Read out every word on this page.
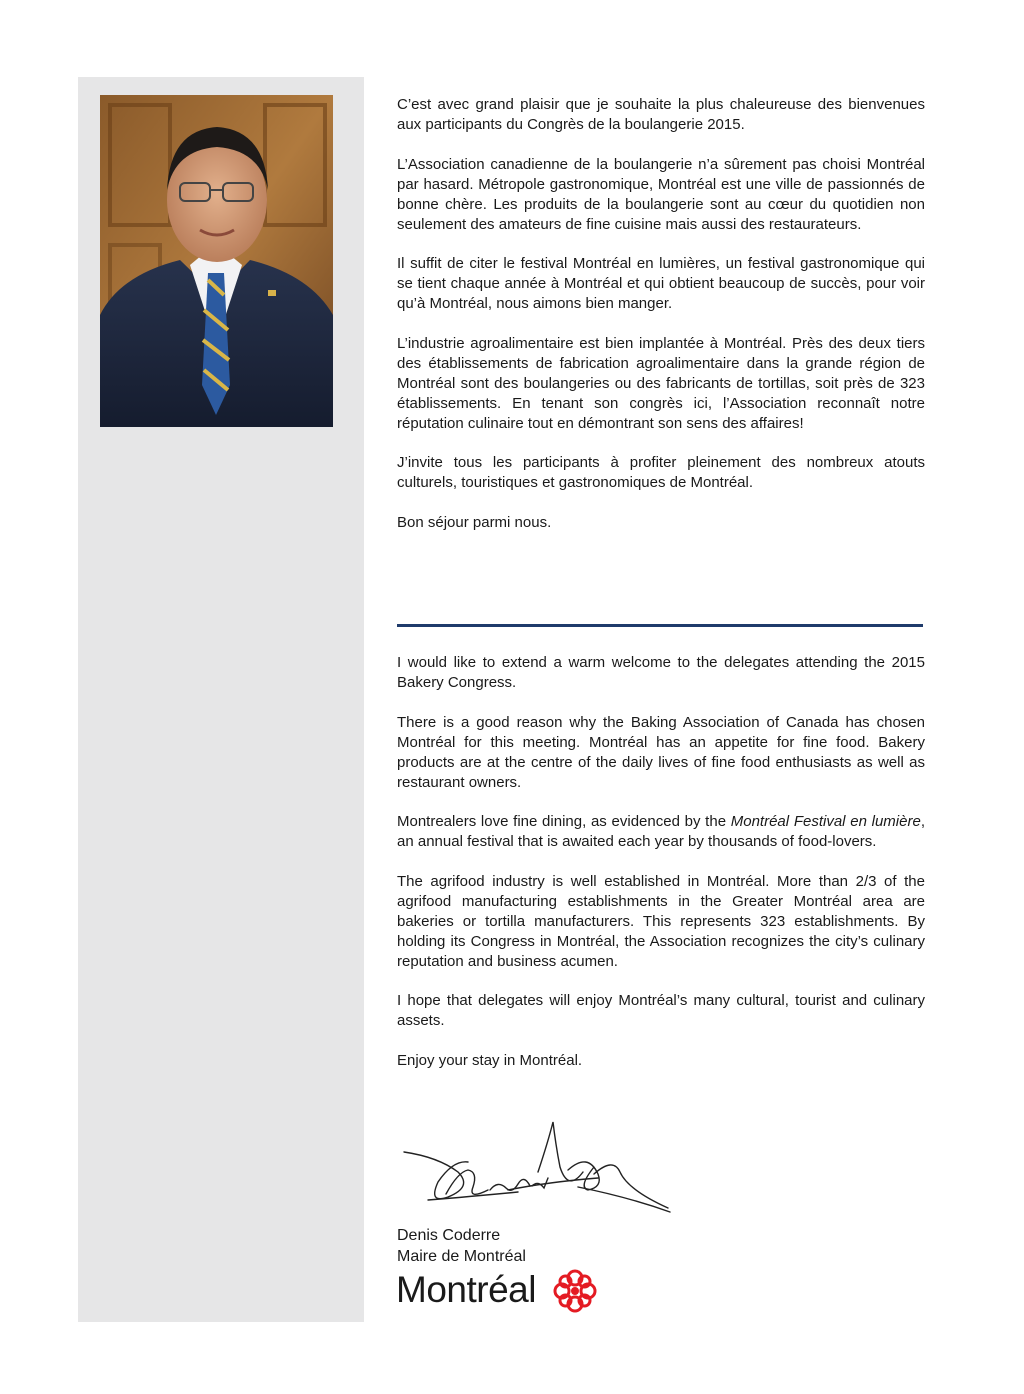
C’est avec grand plaisir que je souhaite la plus chaleureuse des bienvenues aux participants du Congrès de la boulangerie 2015.

L’Association canadienne de la boulangerie n’a sûrement pas choisi Montréal par hasard. Métropole gastronomique, Montréal est une ville de passionnés de bonne chère. Les produits de la boulangerie sont au cœur du quotidien non seulement des amateurs de fine cuisine mais aussi des restaurateurs.

Il suffit de citer le festival Montréal en lumières, un festival gastronomique qui se tient chaque année à Montréal et qui obtient beaucoup de succès, pour voir qu’à Montréal, nous aimons bien manger.

L’industrie agroalimentaire est bien implantée à Montréal. Près des deux tiers des établissements de fabrication agroalimentaire dans la grande région de Montréal sont des boulangeries ou des fabricants de tortillas, soit près de 323 établissements. En tenant son congrès ici, l’Association reconnaît notre réputation culinaire tout en démontrant son sens des affaires!

J’invite tous les participants à profiter pleinement des nombreux atouts culturels, touristiques et gastronomiques de Montréal.

Bon séjour parmi nous.

I would like to extend a warm welcome to the delegates attending the 2015 Bakery Congress.

There is a good reason why the Baking Association of Canada has chosen Montréal for this meeting. Montréal has an appetite for fine food. Bakery products are at the centre of the daily lives of fine food enthusiasts as well as restaurant owners.

Montrealers love fine dining, as evidenced by the Montréal Festival en lumière, an annual festival that is awaited each year by thousands of food-lovers.

The agrifood industry is well established in Montréal. More than 2/3 of the agrifood manufacturing establishments in the Greater Montréal area are bakeries or tortilla manufacturers. This represents 323 establishments. By holding its Congress in Montréal, the Association recognizes the city’s culinary reputation and business acumen.

I hope that delegates will enjoy Montréal’s many cultural, tourist and culinary assets.

Enjoy your stay in Montréal.

Denis Coderre
Maire de Montréal
Montréal
